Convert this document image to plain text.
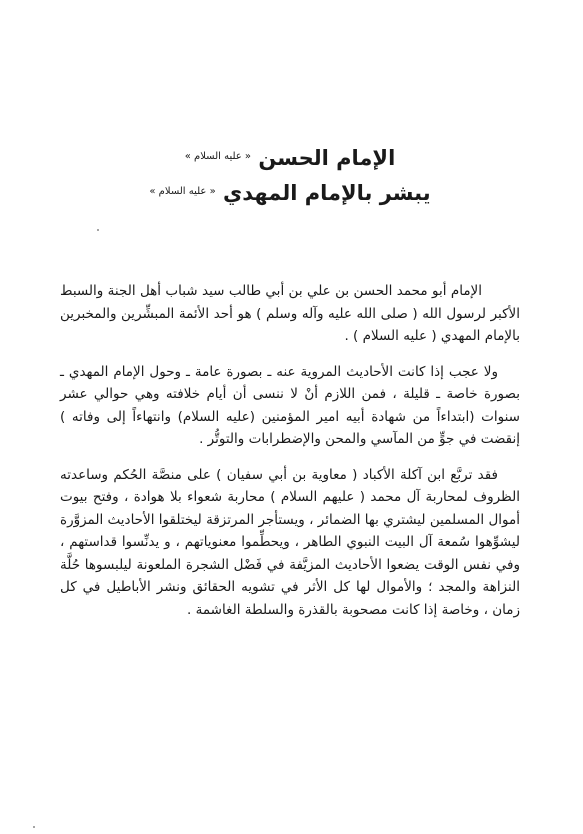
الإمام الحسن $^{« عليه السلام »}$
يبشر بالإمام المهدي $^{« عليه السلام »}$

الإمام أبو محمد الحسن بن علي بن أبي طالب سيد شباب أهل الجنة والسبط الأكبر لرسول الله ( صلى الله عليه وآله وسلم ) هو أحد الأئمة المبشِّرين والمخبرين بالإمام المهدي ( عليه السلام ) .

ولا عجب إذا كانت الأحاديث المروية عنه ـ بصورة عامة ـ وحول الإمام المهدي ـ بصورة خاصة ـ قليلة ، فمن اللازم أنْ لا ننسى أن أيام خلافته وهي حوالي عشر سنوات (ابتداءاً من شهادة أبيه امير المؤمنين (عليه السلام) وانتهاءاً إلى وفاته ) إنقضت في جوٍّ من المآسي والمحن والإضطرابات والتوتُّر .

فقد تربَّع ابن آكلة الأكباد ( معاوية بن أبي سفيان ) على منصَّة الحُكم وساعدته الظروف لمحاربة آل محمد ( عليهم السلام ) محاربة شعواء بلا هوادة ، وفتح بيوت أموال المسلمين ليشتري بها الضمائر ، ويستأجر المرتزقة ليختلقوا الأحاديث المزوَّرة ليشوِّهوا سُمعة آل البيت النبوي الطاهر ، ويحطِّموا معنوياتهم ، و يدنِّسوا قداستهم ، وفي نفس الوقت يضعوا الأحاديث المزيَّفة في فَضْل الشجرة الملعونة ليلبسوها حُلَّة النزاهة والمجد ؛ والأموال لها كل الأثر في تشويه الحقائق ونشر الأباطيل في كل زمان ، وخاصة إذا كانت مصحوبة بالقذرة والسلطة الغاشمة .
